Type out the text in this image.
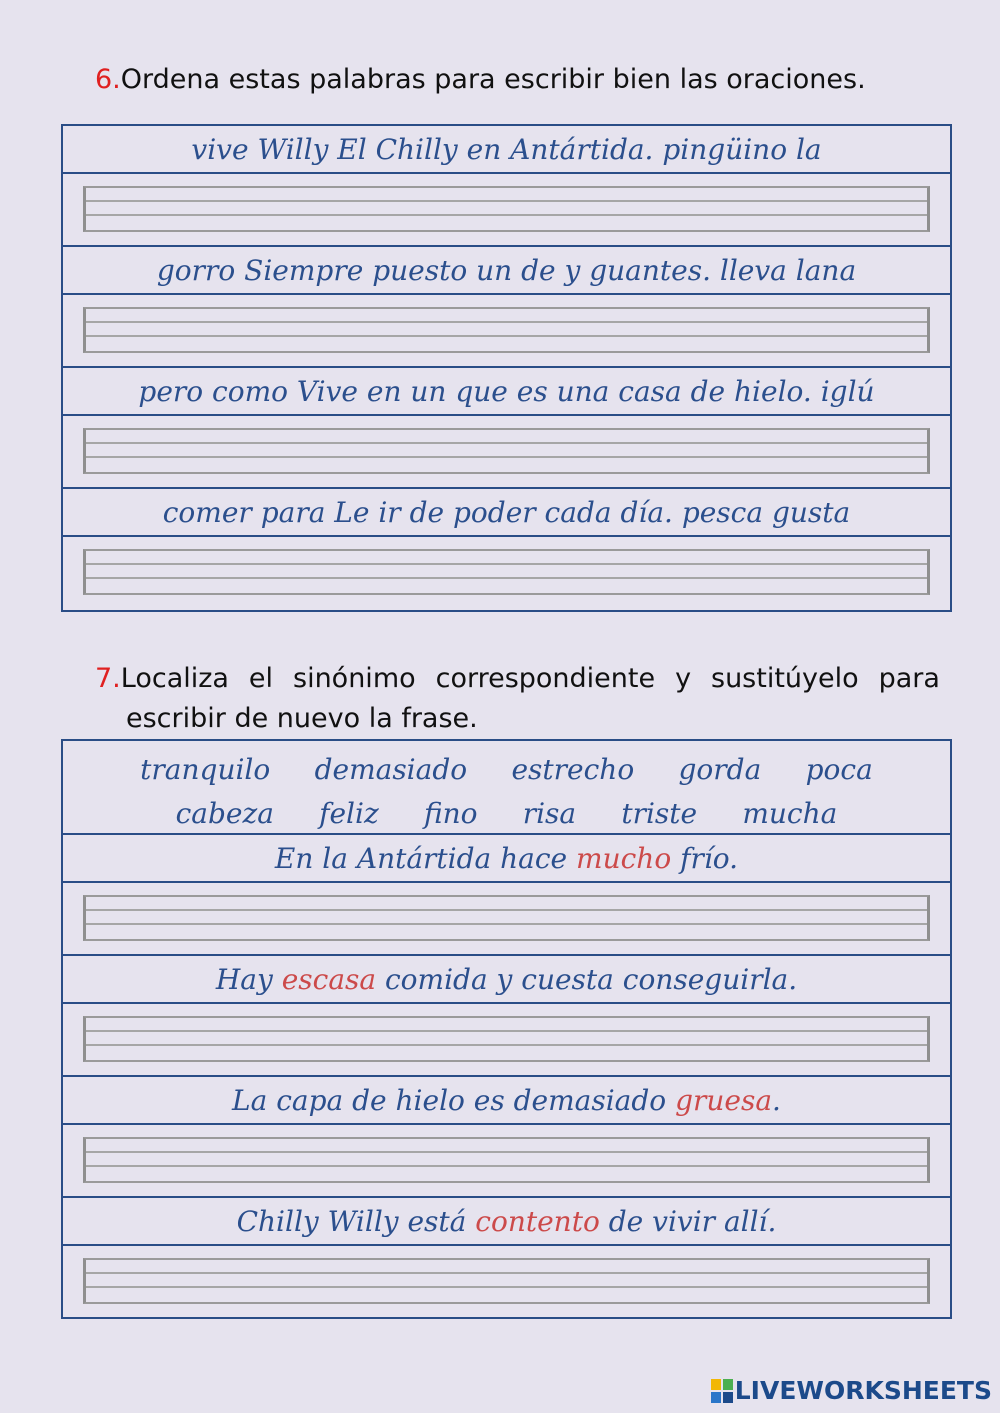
6.Ordena estas palabras para escribir bien las oraciones.
vive Willy El Chilly en Antártida. pingüino la
gorro Siempre puesto un de y guantes. lleva lana
pero como Vive en un que es una casa de hielo. iglú
comer para Le ir de poder cada día. pesca gusta
7.Localiza el sinónimo correspondiente y sustitúyelo para
escribir de nuevo la frase.
tranquilo demasiado estrecho gorda poca
cabeza feliz fino risa triste mucha
En la Antártida hace mucho frío.
Hay escasa comida y cuesta conseguirla.
La capa de hielo es demasiado gruesa .
Chilly Willy está contento de vivir allí.
LIVEWORKSHEETS
